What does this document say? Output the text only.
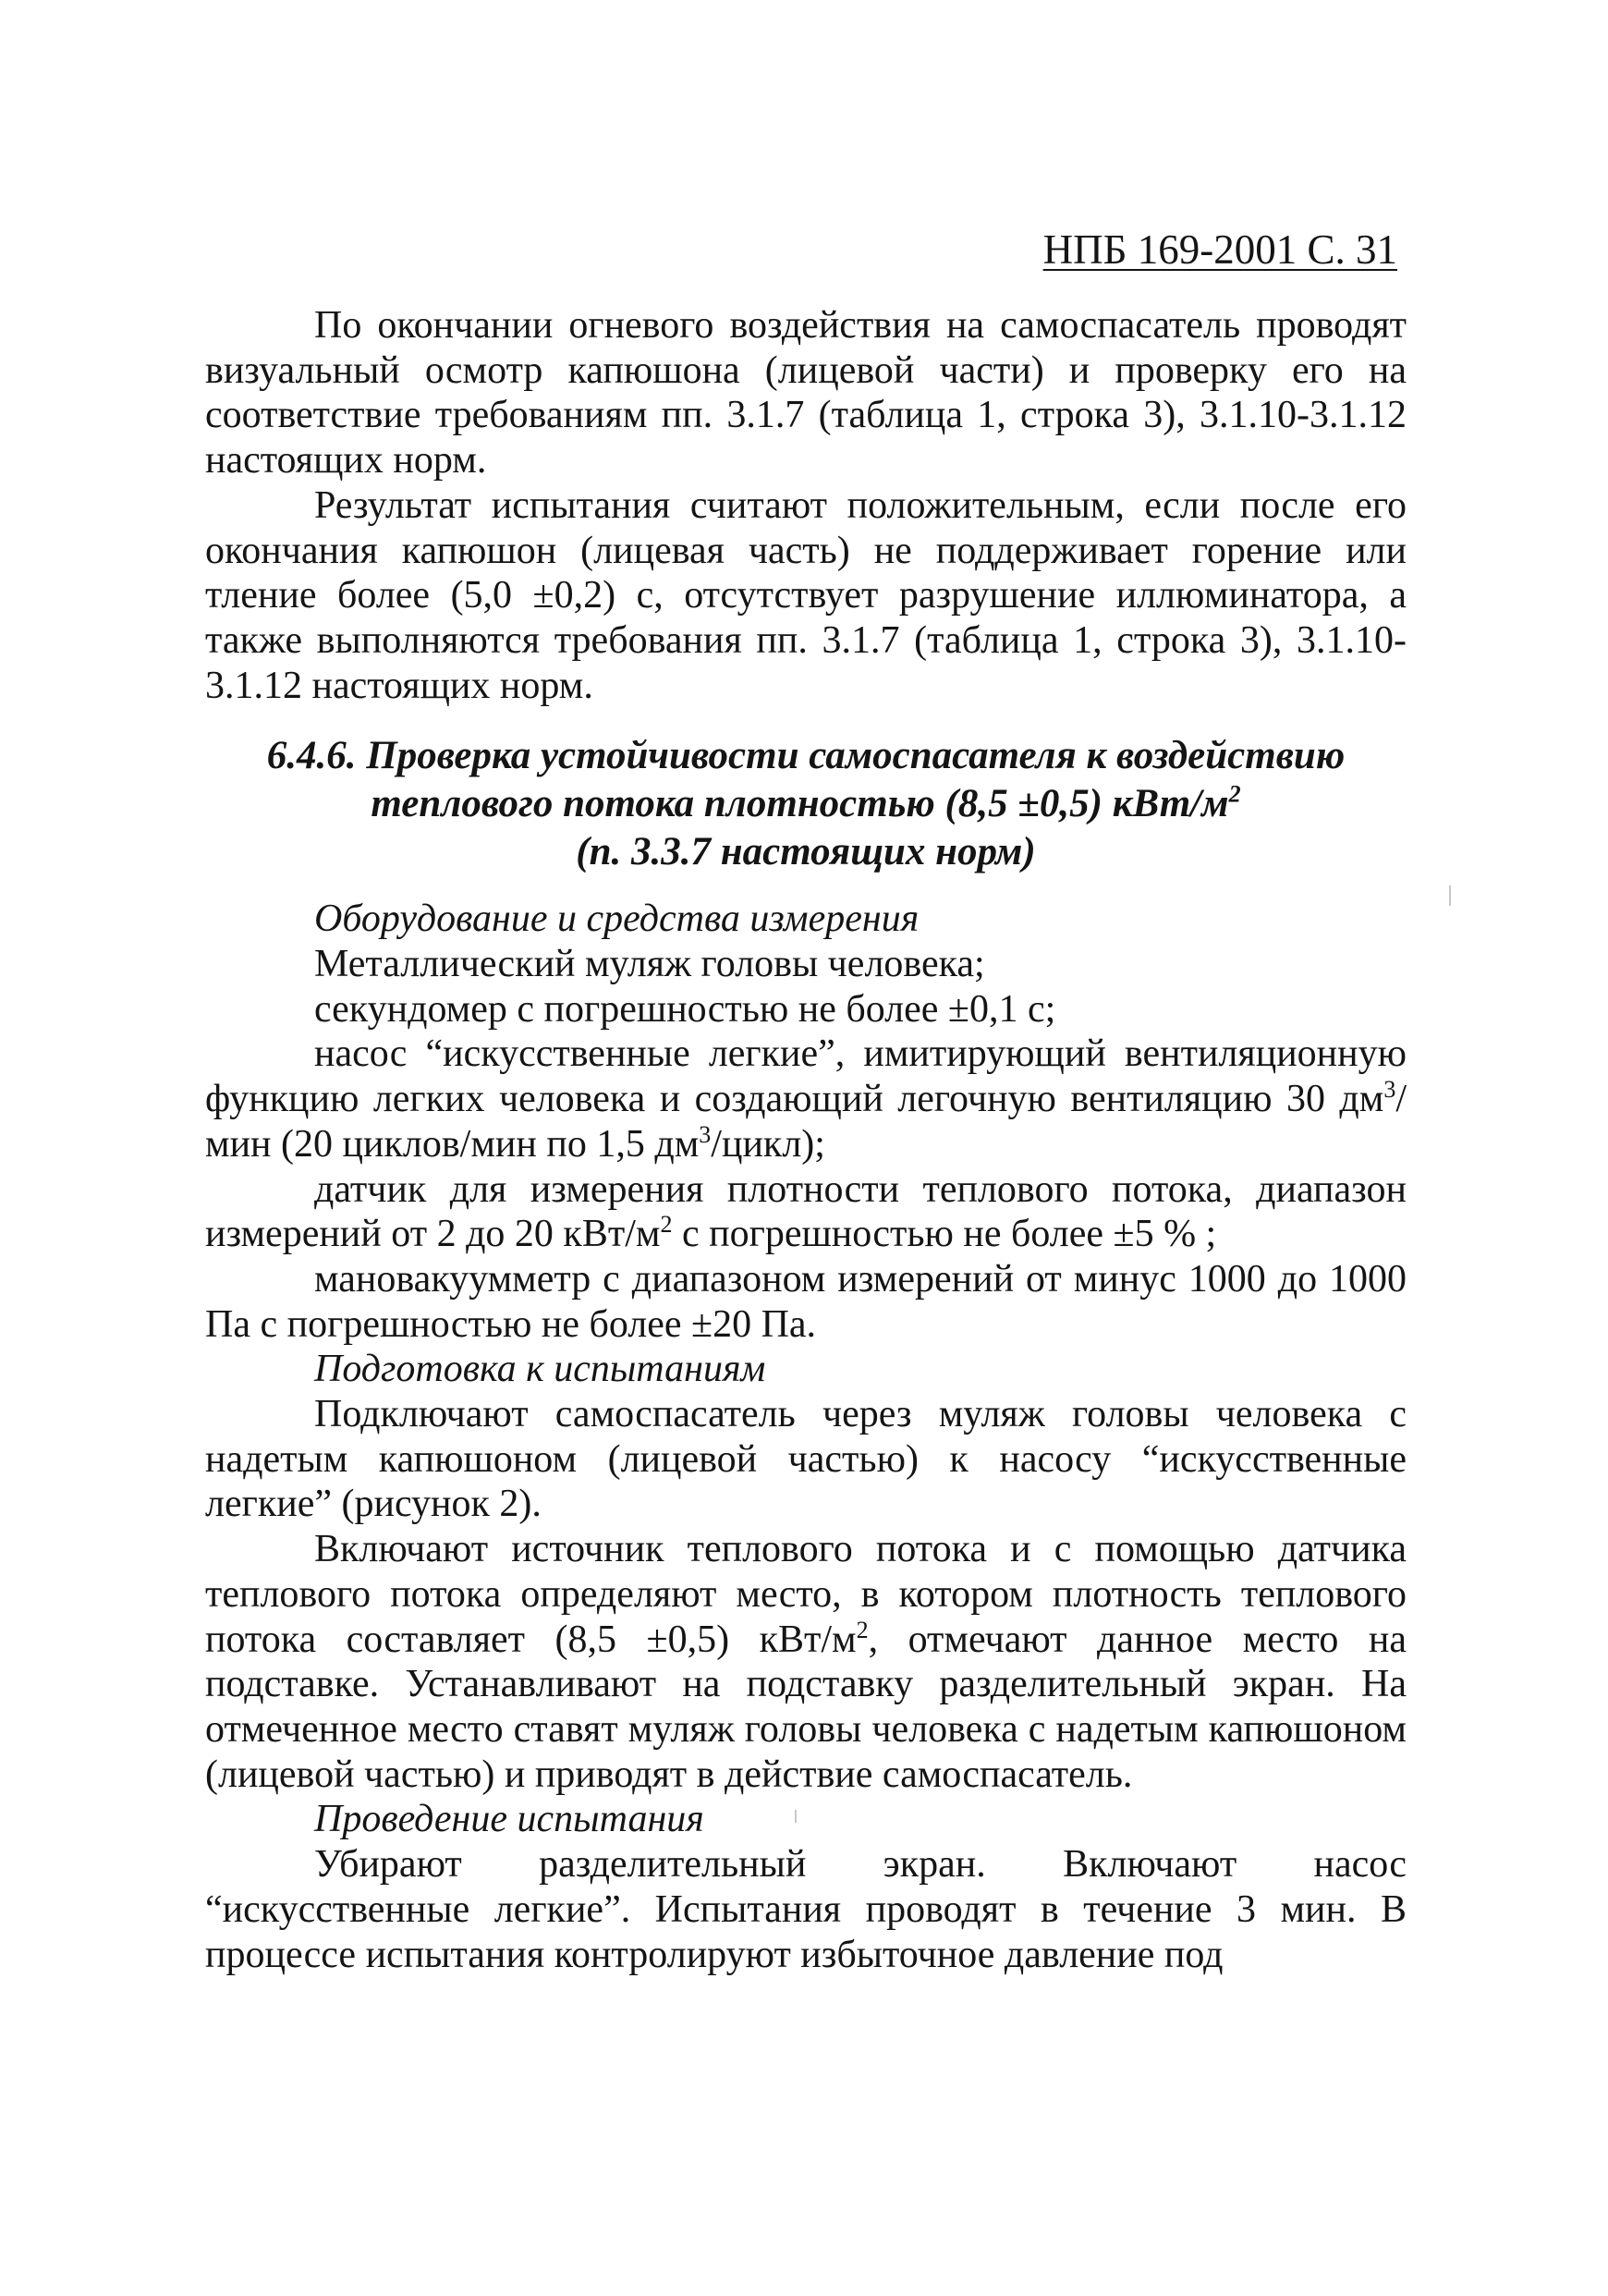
НПБ 169-2001 С. 31

По окончании огневого воздействия на самоспасатель проводят визуальный осмотр капюшона (лицевой части) и проверку его на соответствие требованиям пп. 3.1.7 (таблица 1, строка 3), 3.1.10-3.1.12 настоящих норм.

Результат испытания считают положительным, если после его окончания капюшон (лицевая часть) не поддерживает горение или тление более (5,0 ±0,2) с, отсутствует разрушение иллюминатора, а также выполняются требования пп. 3.1.7 (таблица 1, строка 3), 3.1.10-3.1.12 настоящих норм.

6.4.6. Проверка устойчивости самоспасателя к воздействию
теплового потока плотностью (8,5 ±0,5) кВт/$м^2$
(п. 3.3.7 настоящих норм)
Оборудование и средства измерения

Металлический муляж головы человека;

секундомер с погрешностью не более ±0,1 с;

насос “искусственные легкие”, имитирующий вентиляционную функцию легких человека и создающий легочную вентиляцию 30 $дм^3$/мин (20 циклов/мин по 1,5 $дм^3/цикл$);

датчик для измерения плотности теплового потока, диапазон измерений от 2 до 20 кВт/$м^2$ с погрешностью не более ±5 % ;

мановакуумметр с диапазоном измерений от минус 1000 до 1000 Па с погрешностью не более ±20 Па.

Подготовка к испытаниям

Подключают самоспасатель через муляж головы человека с надетым капюшоном (лицевой частью) к насосу “искусственные легкие” (рисунок 2).

Включают источник теплового потока и с помощью датчика теплового потока определяют место, в котором плотность теплового потока составляет (8,5 ±0,5) кВт/$м^2$, отмечают данное место на подставке. Устанавливают на подставку разделительный экран. На отмеченное место ставят муляж головы человека с надетым капюшоном (лицевой частью) и приводят в действие самоспасатель.

Проведение испытания

Убирают разделительный экран. Включают насос “искусственные легкие”. Испытания проводят в течение 3 мин. В процессе испытания контролируют избыточное давление под
